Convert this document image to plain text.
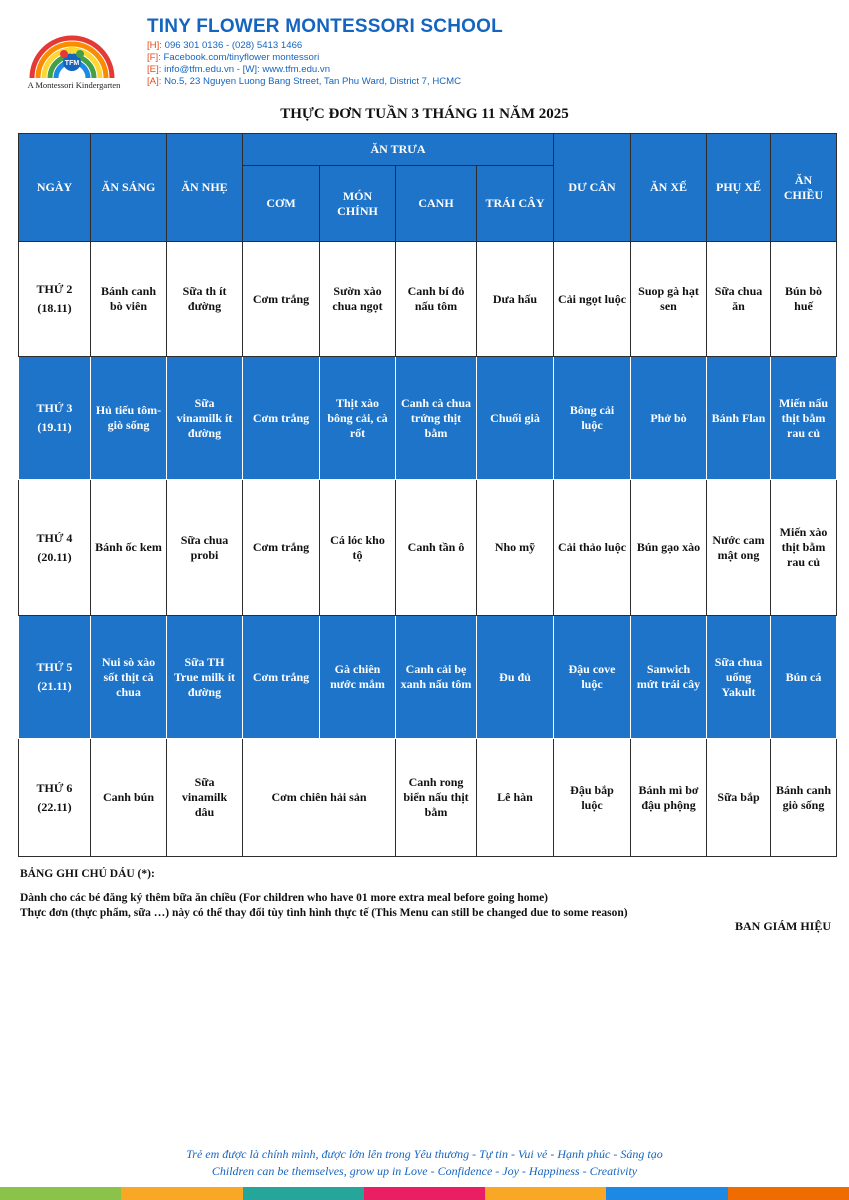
TFM
A Montessori Kindergarten
TINY FLOWER MONTESSORI SCHOOL
[H]: 096 301 0136 - (028) 5413 1466
[F]: Facebook.com/tinyflower montessori
[E]: info@tfm.edu.vn - [W]: www.tfm.edu.vn
[A]: No.5, 23 Nguyen Luong Bang Street, Tan Phu Ward, District 7, HCMC
THỰC ĐƠN TUẦN 3 THÁNG 11 NĂM 2025
NGÀY	ĂN SÁNG	ĂN NHẸ	ĂN TRƯA				DƯ CÂN	ĂN XẾ	PHỤ XẾ	ĂN CHIỀU
			CƠM	MÓN CHÍNH	CANH	TRÁI CÂY				

THỨ 2
(18.11)	Bánh canh bò viên	Sữa th ít đường	Cơm trắng	Sườn xào chua ngọt	Canh bí đỏ nấu tôm	Dưa hấu	Cải ngọt luộc	Suop gà hạt sen	Sữa chua ăn	Bún bò huế

THỨ 3
(19.11)	Hủ tiếu tôm-giò sống	Sữa vinamilk ít đường	Cơm trắng	Thịt xào bông cải, cà rốt	Canh cà chua trứng thịt bằm	Chuối già	Bông cải luộc	Phở bò	Bánh Flan	Miến nấu thịt bằm rau củ

THỨ 4
(20.11)	Bánh ốc kem	Sữa chua probi	Cơm trắng	Cá lóc kho tộ	Canh tần ô	Nho mỹ	Cải thảo luộc	Bún gạo xào	Nước cam mật ong	Miến xào thịt bằm rau củ

THỨ 5
(21.11)	Nui sò xào sốt thịt cà chua	Sữa TH True milk ít đường	Cơm trắng	Gà chiên nước mắm	Canh cải bẹ xanh nấu tôm	Đu đủ	Đậu cove luộc	Sanwich mứt trái cây	Sữa chua uống Yakult	Bún cá

THỨ 6
(22.11)	Canh bún	Sữa vinamilk dâu	Cơm chiên hải sản		Canh rong biển nấu thịt bằm	Lê hàn	Đậu bắp luộc	Bánh mì bơ đậu phộng	Sữa bắp	Bánh canh giò sống
BẢNG GHI CHÚ DÁU (*):
Dành cho các bé đăng ký thêm bữa ăn chiều (For children who have 01 more extra meal before going home)
Thực đơn (thực phẩm, sữa …) này có thể thay đổi tùy tình hình thực tế (This Menu can still be changed due to some reason)
BAN GIÁM HIỆU
Trẻ em được là chính mình, được lớn lên trong Yêu thương - Tự tin - Vui vẻ - Hạnh phúc - Sáng tạo
Children can be themselves, grow up in Love - Confidence - Joy - Happiness - Creativity
